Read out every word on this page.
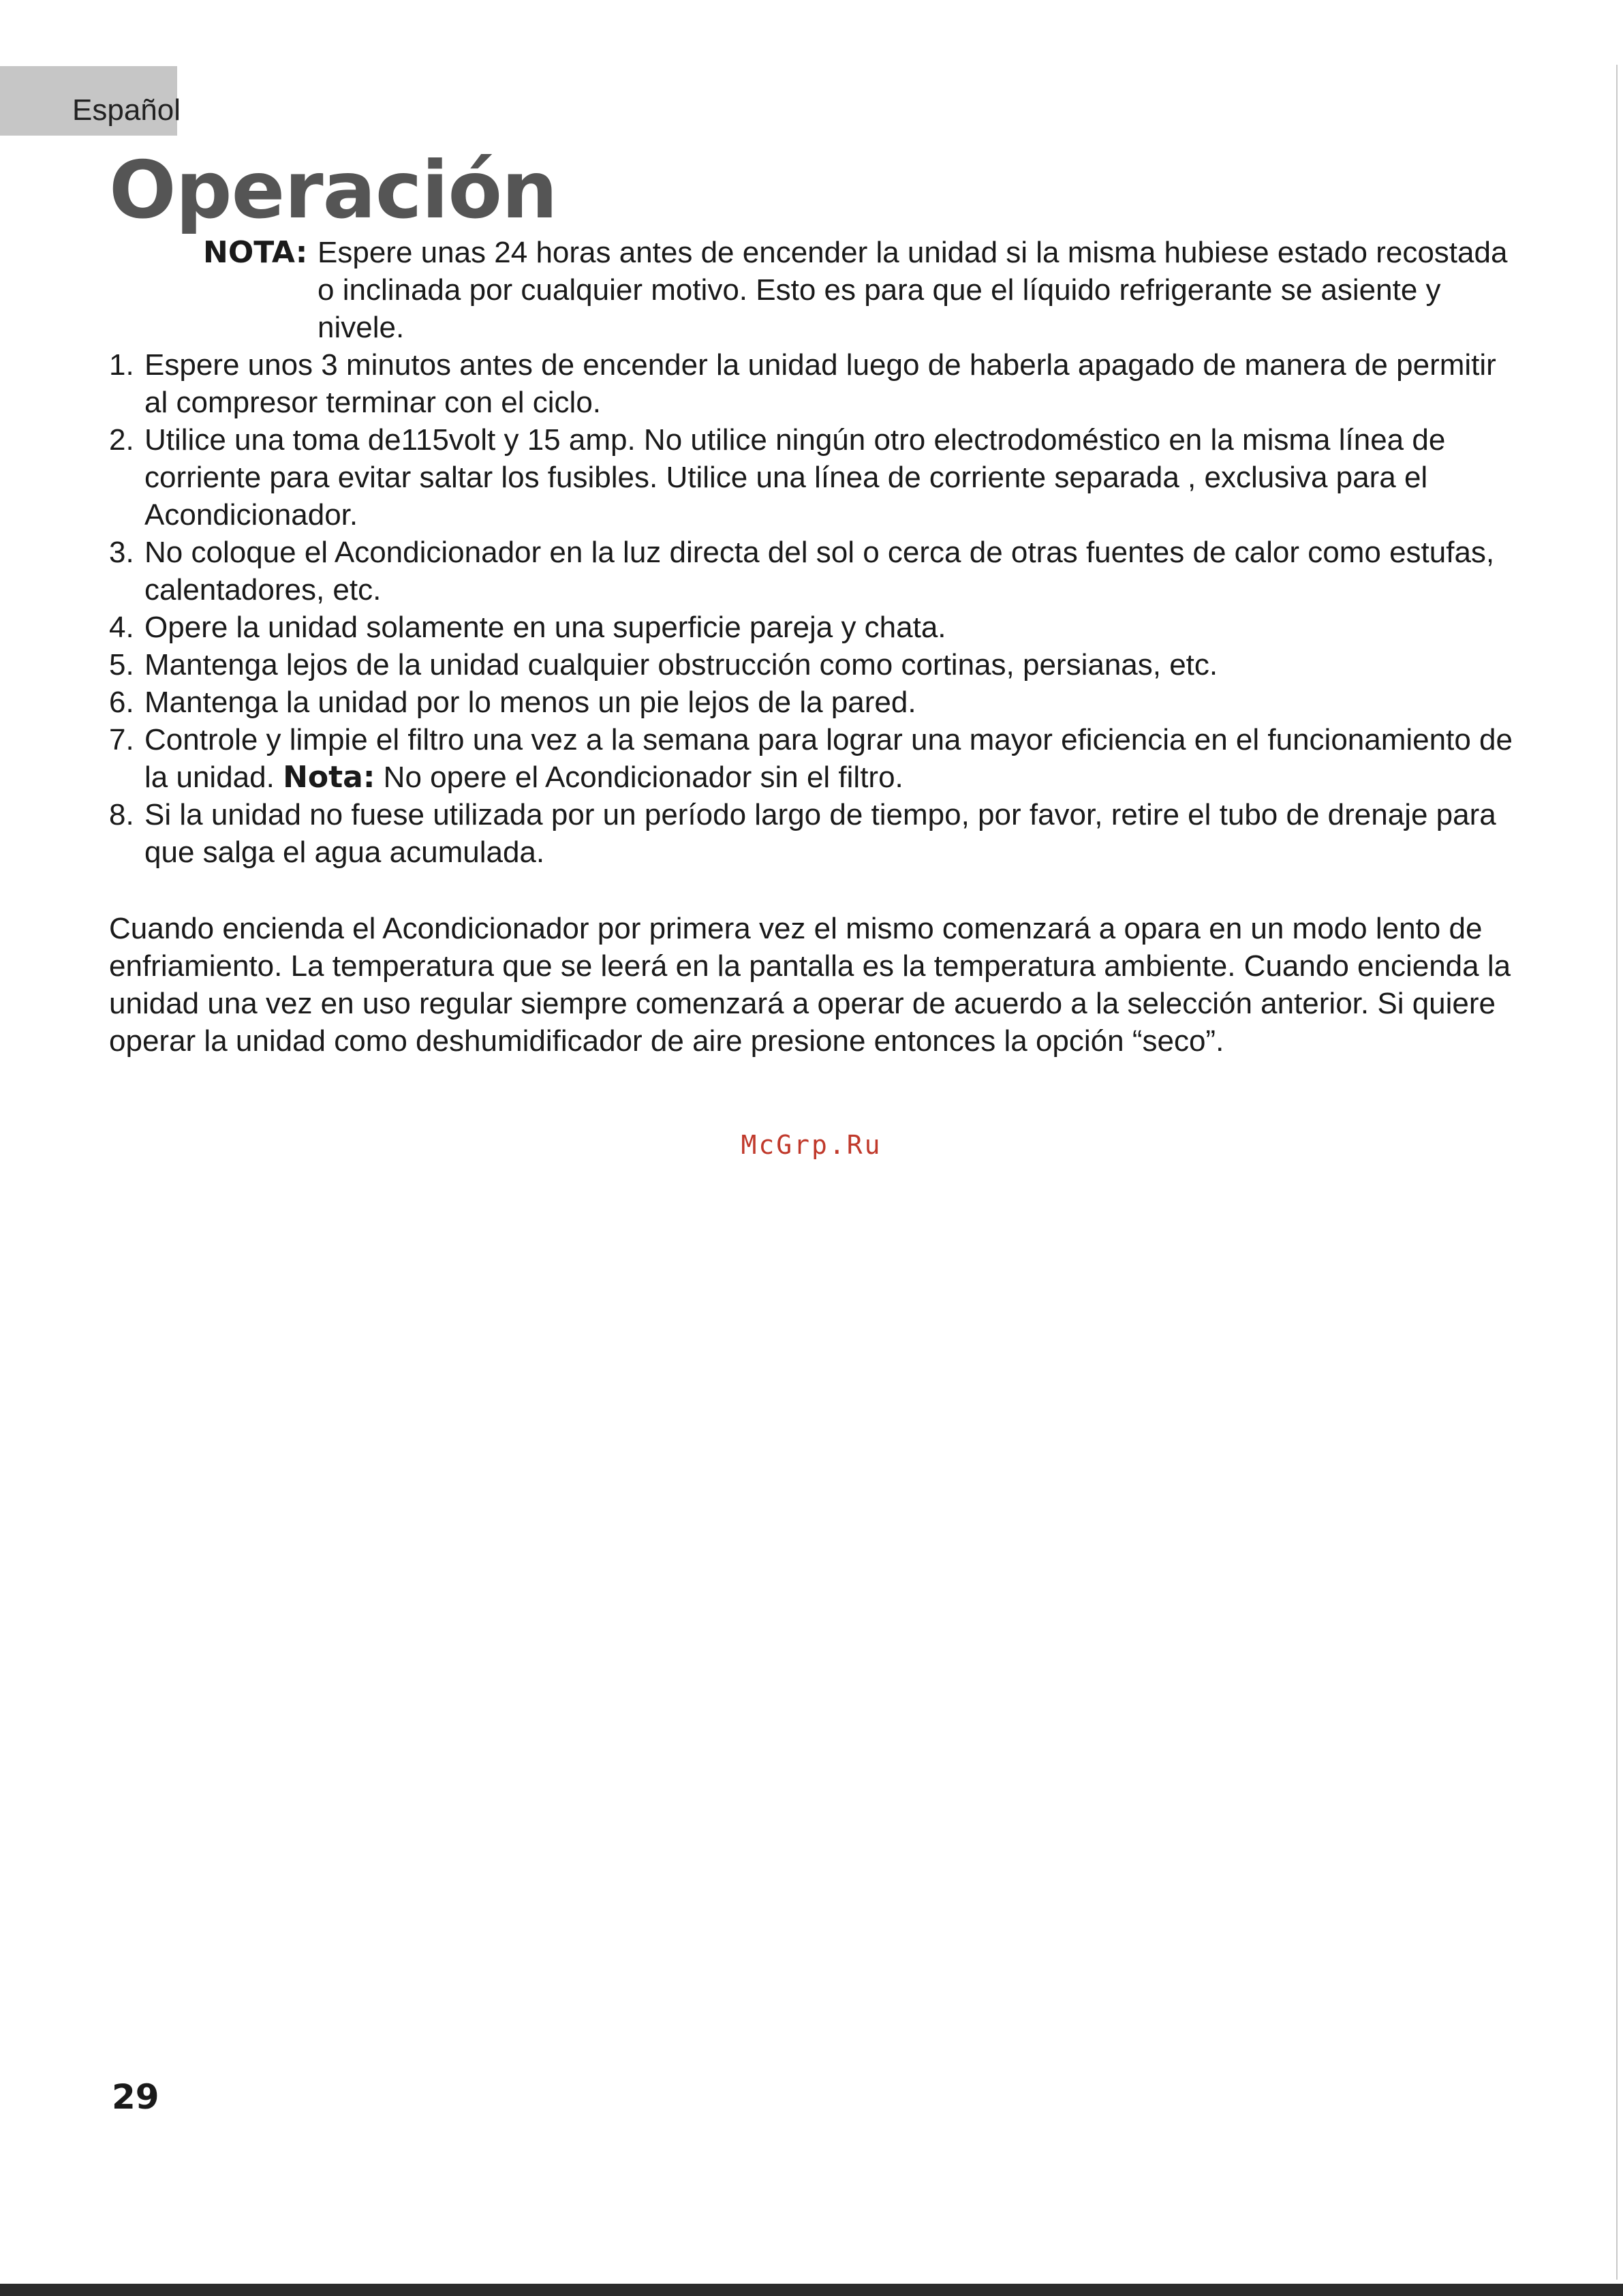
Español
Operación
NOTA: Espere unas 24 horas antes de encender la unidad si la misma hubiese estado recostada o inclinada por cualquier motivo. Esto es para que el líquido refrigerante se asiente y nivele.
1. Espere unos 3 minutos antes de encender la unidad luego de haberla apagado de manera de permitir al compresor terminar con el ciclo.
2. Utilice una toma de115volt y 15 amp. No utilice ningún otro electrodoméstico en la misma línea de corriente para evitar saltar los fusibles. Utilice una línea de corriente separada , exclusiva para el Acondicionador.
3. No coloque el Acondicionador en la luz directa del sol o cerca de otras fuentes de calor como estufas, calentadores, etc.
4. Opere la unidad solamente en una superficie pareja y chata.
5. Mantenga lejos de la unidad cualquier obstrucción como cortinas, persianas, etc.
6. Mantenga la unidad por lo menos un pie lejos de la pared.
7. Controle y limpie el filtro una vez a la semana para lograr una mayor eficiencia en el funcionamiento de la unidad. Nota: No opere el Acondicionador sin el filtro.
8. Si la unidad no fuese utilizada por un período largo de tiempo, por favor, retire el tubo de drenaje para que salga el agua acumulada.

Cuando encienda el Acondicionador por primera vez el mismo comenzará a opara en un modo lento de enfriamiento. La temperatura que se leerá en la pantalla es la temperatura ambiente. Cuando encienda la unidad una vez en uso regular siempre comenzará a operar de acuerdo a la selección anterior. Si quiere operar la unidad como deshumidificador de aire presione entonces la opción “seco”.

McGrp.Ru
29
